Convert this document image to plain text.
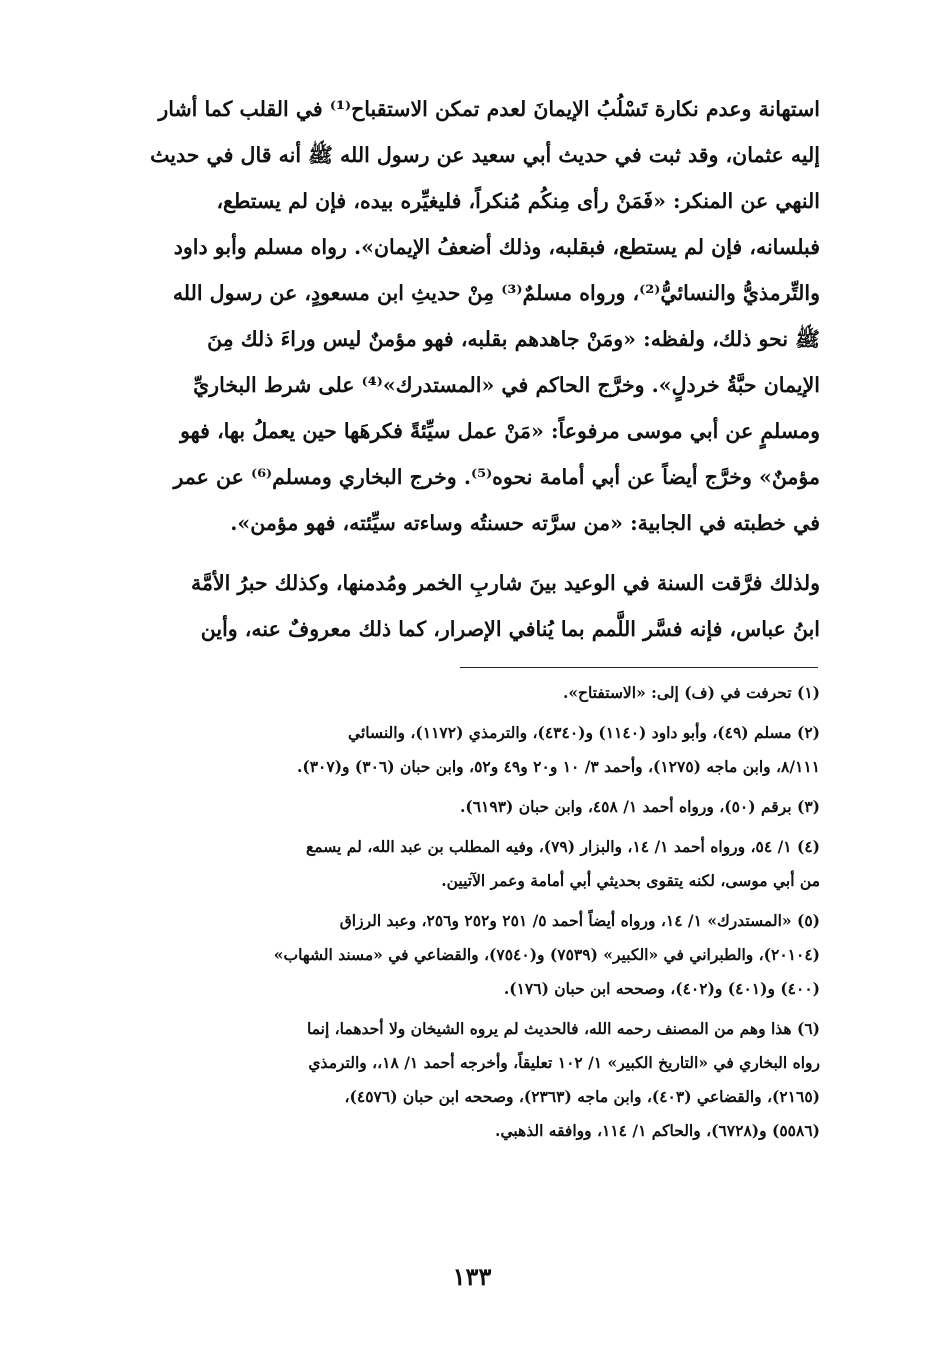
استهانة وعدم نكارة تَسْلُبُ الإيمانَ لعدم تمكن الاستقباح⁽¹⁾ في القلب كما أشار
إليه عثمان، وقد ثبت في حديث أبي سعيد عن رسول الله ﷺ أنه قال في حديث
النهي عن المنكر: «فَمَنْ رأى مِنكُم مُنكراً، فليغيِّره بيده، فإن لم يستطع،
فبلسانه، فإن لم يستطع، فبقلبه، وذلك أضعفُ الإيمان». رواه مسلم وأبو داود
والتِّرمذيُّ والنسائيُّ⁽²⁾، ورواه مسلمٌ⁽³⁾ مِنْ حديثِ ابن مسعودٍ، عن رسول الله
ﷺ نحو ذلك، ولفظه: «ومَنْ جاهدهم بقلبه، فهو مؤمنٌ ليس وراءَ ذلك مِنَ
الإيمان حبَّةُ خردلٍ». وخرَّج الحاكم في «المستدرك»⁽⁴⁾ على شرط البخاريِّ
ومسلمٍ عن أبي موسى مرفوعاً: «مَنْ عمل سيِّئةً فكرهَها حين يعملُ بها، فهو
مؤمنٌ» وخرَّج أيضاً عن أبي أمامة نحوه⁽⁵⁾. وخرج البخاري ومسلم⁽⁶⁾ عن عمر
في خطبته في الجابية: «من سرَّته حسنتُه وساءته سيِّئته، فهو مؤمن».
ولذلك فرَّقت السنة في الوعيد بينَ شاربِ الخمر ومُدمنها، وكذلك حبرُ الأمَّة
ابنُ عباس، فإنه فسَّر اللَّمم بما يُنافي الإصرار، كما ذلك معروفٌ عنه، وأين
(١) تحرفت في (ف) إلى: «الاستفتاح».
(٢) مسلم (٤٩)، وأبو داود (١١٤٠) و(٤٣٤٠)، والترمذي (١١٧٢)، والنسائي
٨/١١١، وابن ماجه (١٢٧٥)، وأحمد ٣/ ١٠ و٢٠ و٤٩ و٥٢، وابن حبان (٣٠٦) و(٣٠٧).
(٣) برقم (٥٠)، ورواه أحمد ١/ ٤٥٨، وابن حبان (٦١٩٣).
(٤) ١/ ٥٤، ورواه أحمد ١/ ١٤، والبزار (٧٩)، وفيه المطلب بن عبد الله، لم يسمع
من أبي موسى، لكنه يتقوى بحديثي أبي أمامة وعمر الآتيين.
(٥) «المستدرك» ١/ ١٤، ورواه أيضاً أحمد ٥/ ٢٥١ و٢٥٢ و٢٥٦، وعبد الرزاق
(٢٠١٠٤)، والطبراني في «الكبير» (٧٥٣٩) و(٧٥٤٠)، والقضاعي في «مسند الشهاب»
(٤٠٠) و(٤٠١) و(٤٠٢)، وصححه ابن حبان (١٧٦).
(٦) هذا وهم من المصنف رحمه الله، فالحديث لم يروه الشيخان ولا أحدهما، إنما
رواه البخاري في «التاريخ الكبير» ١/ ١٠٢ تعليقاً، وأخرجه أحمد ١/ ١٨،، والترمذي
(٢١٦٥)، والقضاعي (٤٠٣)، وابن ماجه (٢٣٦٣)، وصححه ابن حبان (٤٥٧٦)،
(٥٥٨٦) و(٦٧٢٨)، والحاكم ١/ ١١٤، ووافقه الذهبي.
١٣٣
